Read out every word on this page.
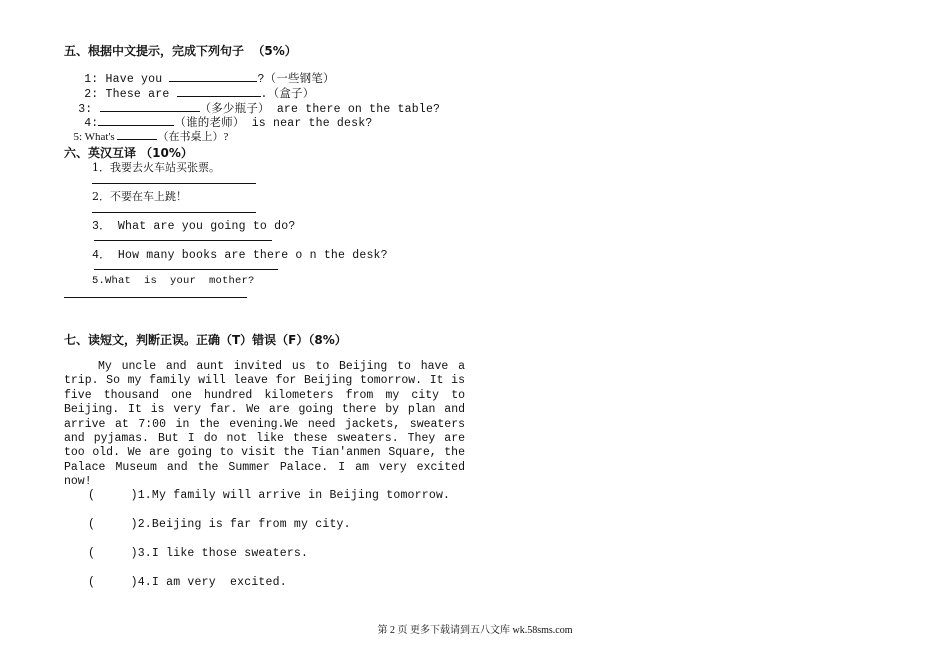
五、根据中文提示，完成下列句子  （5%）

1: Have you	?（一些钢笔）

2: These are	.（盒子）

3:	（多少瓶子） are there on the table?

4:	（谁的老师） is near the desk?

5: What's	（在书桌上）?

六、英汉互译 （10%）
1．我要去火车站买张票。
2．不要在车上跳！
3． What are you going to do?
4． How many books are there o n the desk?
5.What  is  your  mother?
七、读短文，判断正误。正确（T）错误（F）（8%）
My uncle and aunt invited us to Beijing to have a trip. So my family will leave for Beijing tomorrow. It is five thousand one hundred kilometers from my city to Beijing. It is very far. We are going there by plan and arrive at 7:00 in the evening.We need jackets, sweaters and pyjamas. But I do not like these sweaters. They are too old. We are going to visit the Tian'anmen Square, the Palace Museum and the Summer Palace. I am very excited now!
(     )1.My family will arrive in Beijing tomorrow.
(     )2.Beijing is far from my city.
(     )3.I like those sweaters.
(     )4.I am very  excited.
第 2 页 更多下载请到五八文库 wk.58sms.com
